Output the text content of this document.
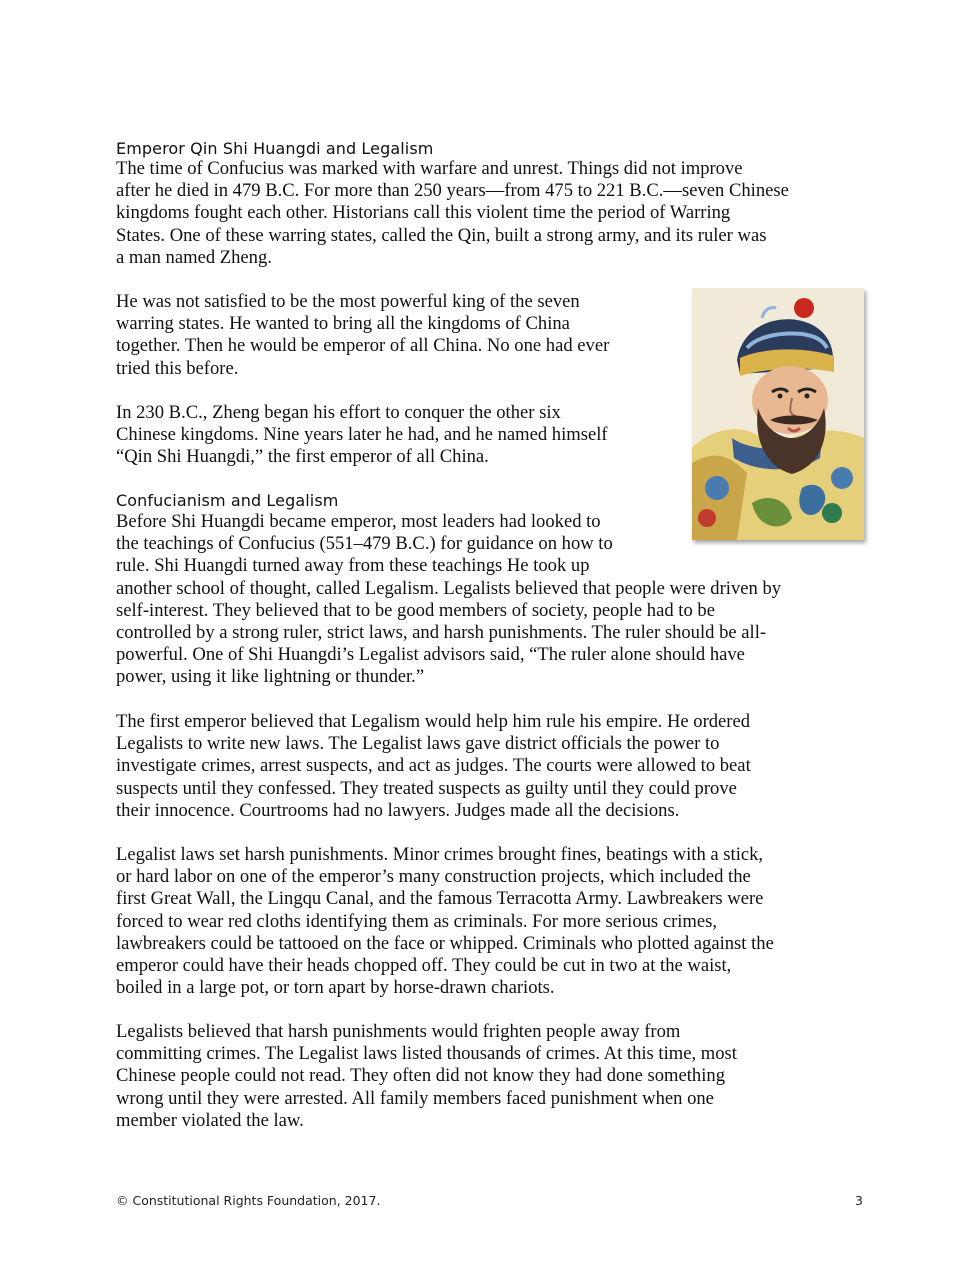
Emperor Qin Shi Huangdi and Legalism
The time of Confucius was marked with warfare and unrest. Things did not improve
after he died in 479 B.C. For more than 250 years—from 475 to 221 B.C.—seven Chinese
kingdoms fought each other. Historians call this violent time the period of Warring
States. One of these warring states, called the Qin, built a strong army, and its ruler was
a man named Zheng.
He was not satisfied to be the most powerful king of the seven
warring states. He wanted to bring all the kingdoms of China
together. Then he would be emperor of all China. No one had ever
tried this before.
In 230 B.C., Zheng began his effort to conquer the other six
Chinese kingdoms. Nine years later he had, and he named himself
“Qin Shi Huangdi,” the first emperor of all China.
Confucianism and Legalism
Before Shi Huangdi became emperor, most leaders had looked to
the teachings of Confucius (551–479 B.C.) for guidance on how to
rule. Shi Huangdi turned away from these teachings He took up
another school of thought, called Legalism. Legalists believed that people were driven by
self-interest. They believed that to be good members of society, people had to be
controlled by a strong ruler, strict laws, and harsh punishments. The ruler should be all-
powerful. One of Shi Huangdi’s Legalist advisors said, “The ruler alone should have
power, using it like lightning or thunder.”
The first emperor believed that Legalism would help him rule his empire. He ordered
Legalists to write new laws. The Legalist laws gave district officials the power to
investigate crimes, arrest suspects, and act as judges. The courts were allowed to beat
suspects until they confessed. They treated suspects as guilty until they could prove
their innocence. Courtrooms had no lawyers. Judges made all the decisions.
Legalist laws set harsh punishments. Minor crimes brought fines, beatings with a stick,
or hard labor on one of the emperor’s many construction projects, which included the
first Great Wall, the Lingqu Canal, and the famous Terracotta Army. Lawbreakers were
forced to wear red cloths identifying them as criminals. For more serious crimes,
lawbreakers could be tattooed on the face or whipped. Criminals who plotted against the
emperor could have their heads chopped off. They could be cut in two at the waist,
boiled in a large pot, or torn apart by horse-drawn chariots.
Legalists believed that harsh punishments would frighten people away from
committing crimes. The Legalist laws listed thousands of crimes. At this time, most
Chinese people could not read. They often did not know they had done something
wrong until they were arrested. All family members faced punishment when one
member violated the law.
© Constitutional Rights Foundation, 2017.	3
